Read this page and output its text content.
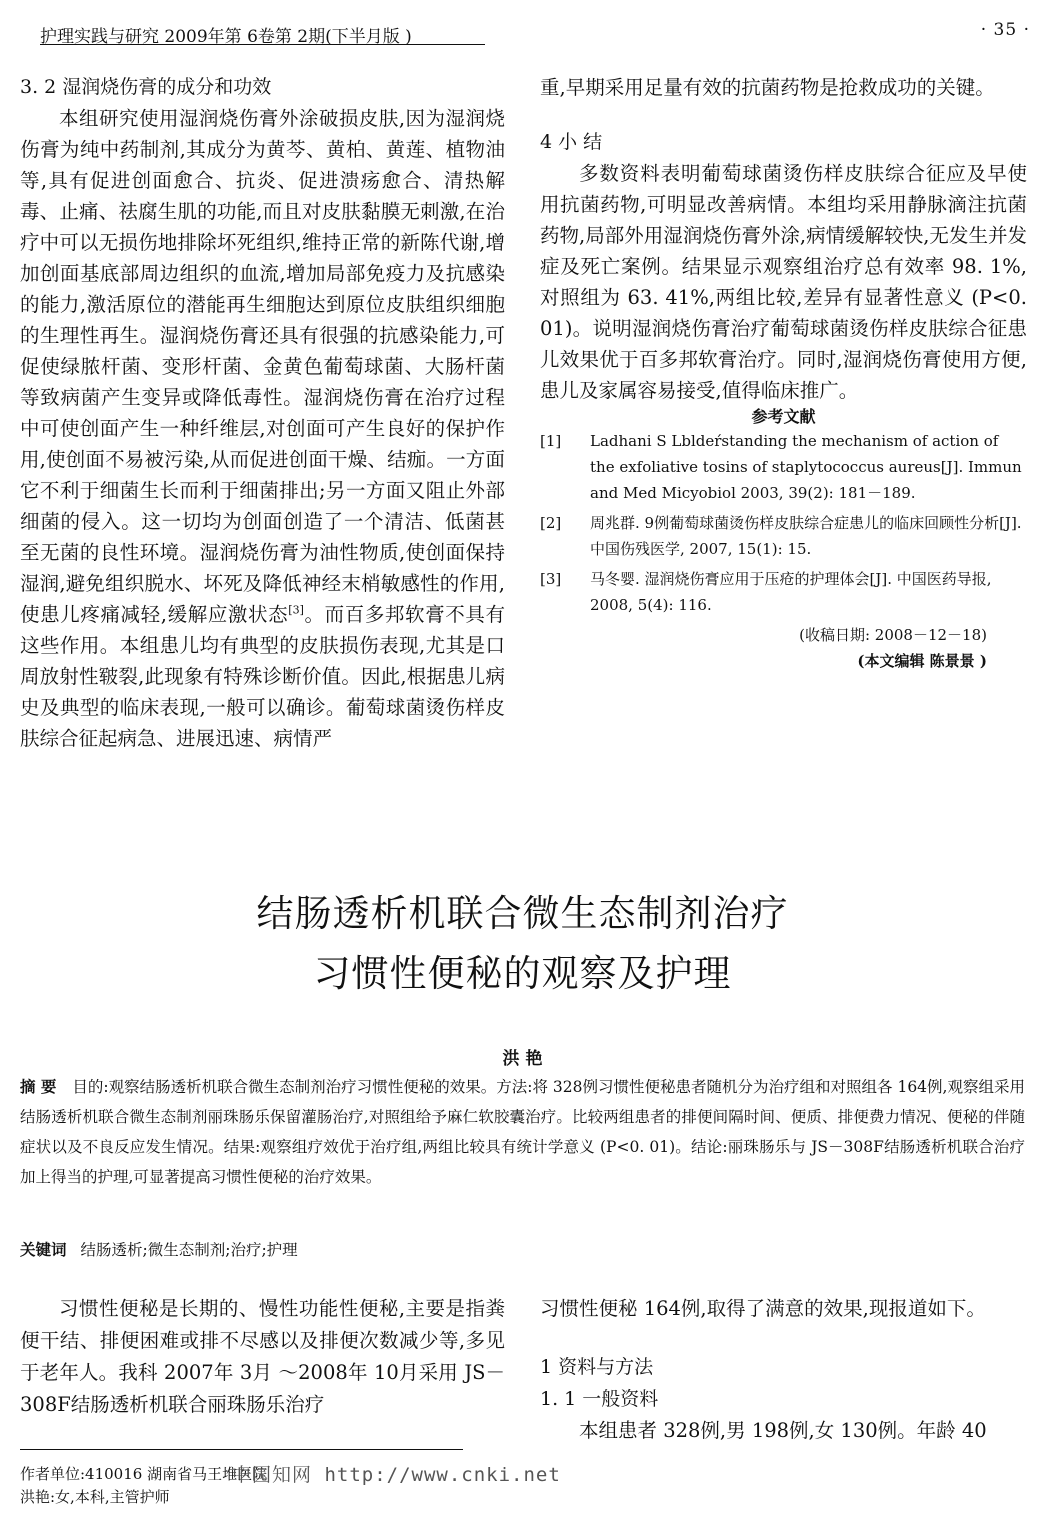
护理实践与研究 2009年第 6卷第 2期(下半月版 )	· 35 ·

3. 2 湿润烧伤膏的成分和功效

本组研究使用湿润烧伤膏外涂破损皮肤,因为湿润烧伤膏为纯中药制剂,其成分为黄芩、黄柏、黄莲、植物油等,具有促进创面愈合、抗炎、促进溃疡愈合、清热解毒、止痛、祛腐生肌的功能,而且对皮肤黏膜无刺激,在治疗中可以无损伤地排除坏死组织,维持正常的新陈代谢,增加创面基底部周边组织的血流,增加局部免疫力及抗感染的能力,激活原位的潜能再生细胞达到原位皮肤组织细胞的生理性再生。湿润烧伤膏还具有很强的抗感染能力,可促使绿脓杆菌、变形杆菌、金黄色葡萄球菌、大肠杆菌等致病菌产生变异或降低毒性。湿润烧伤膏在治疗过程中可使创面产生一种纤维层,对创面可产生良好的保护作用,使创面不易被污染,从而促进创面干燥、结痂。一方面它不利于细菌生长而利于细菌排出;另一方面又阻止外部细菌的侵入。这一切均为创面创造了一个清洁、低菌甚至无菌的良性环境。湿润烧伤膏为油性物质,使创面保持湿润,避免组织脱水、坏死及降低神经末梢敏感性的作用,使患儿疼痛减轻,缓解应激状态[3]。而百多邦软膏不具有这些作用。本组患儿均有典型的皮肤损伤表现,尤其是口周放射性皲裂,此现象有特殊诊断价值。因此,根据患儿病史及典型的临床表现,一般可以确诊。葡萄球菌烫伤样皮肤综合征起病急、进展迅速、病情严

重,早期采用足量有效的抗菌药物是抢救成功的关键。

4 小 结

多数资料表明葡萄球菌烫伤样皮肤综合征应及早使用抗菌药物,可明显改善病情。本组均采用静脉滴注抗菌药物,局部外用湿润烧伤膏外涂,病情缓解较快,无发生并发症及死亡案例。结果显示观察组治疗总有效率 98. 1%,对照组为 63. 41%,两组比较,差异有显著性意义 (P<0. 01)。说明湿润烧伤膏治疗葡萄球菌烫伤样皮肤综合征患儿效果优于百多邦软膏治疗。同时,湿润烧伤膏使用方便,患儿及家属容易接受,值得临床推广。

参考文献

[1] Ladhani S Lbldeŕstanding the mechanism of action of the exfoliative tosins of staplytococcus aureus[J]. Immun and Med Micyobiol 2003, 39(2): 181－189.

[2] 周兆群. 9例葡萄球菌烫伤样皮肤综合症患儿的临床回顾性分析[J]. 中国伤残医学, 2007, 15(1): 15.

[3] 马冬婴. 湿润烧伤膏应用于压疮的护理体会[J]. 中国医药导报, 2008, 5(4): 116.

(收稿日期: 2008－12－18)

(本文编辑 陈景景 )

结肠透析机联合微生态制剂治疗
习惯性便秘的观察及护理
洪 艳
摘 要 目的:观察结肠透析机联合微生态制剂治疗习惯性便秘的效果。方法:将 328例习惯性便秘患者随机分为治疗组和对照组各 164例,观察组采用结肠透析机联合微生态制剂丽珠肠乐保留灌肠治疗,对照组给予麻仁软胶囊治疗。比较两组患者的排便间隔时间、便质、排便费力情况、便秘的伴随症状以及不良反应发生情况。结果:观察组疗效优于治疗组,两组比较具有统计学意义 (P<0. 01)。结论:丽珠肠乐与 JS－308F结肠透析机联合治疗加上得当的护理,可显著提高习惯性便秘的治疗效果。
关键词 结肠透析;微生态制剂;治疗;护理

习惯性便秘是长期的、慢性功能性便秘,主要是指粪便干结、排便困难或排不尽感以及排便次数减少等,多见于老年人。我科 2007年 3月 ～2008年 10月采用 JS－308F结肠透析机联合丽珠肠乐治疗

习惯性便秘 164例,取得了满意的效果,现报道如下。

1 资料与方法

1. 1 一般资料

本组患者 328例,男 198例,女 130例。年龄 40

作者单位:410016 湖南省马王堆医院
洪艳:女,本科,主管护师
中国知网 http://www.cnki.net
